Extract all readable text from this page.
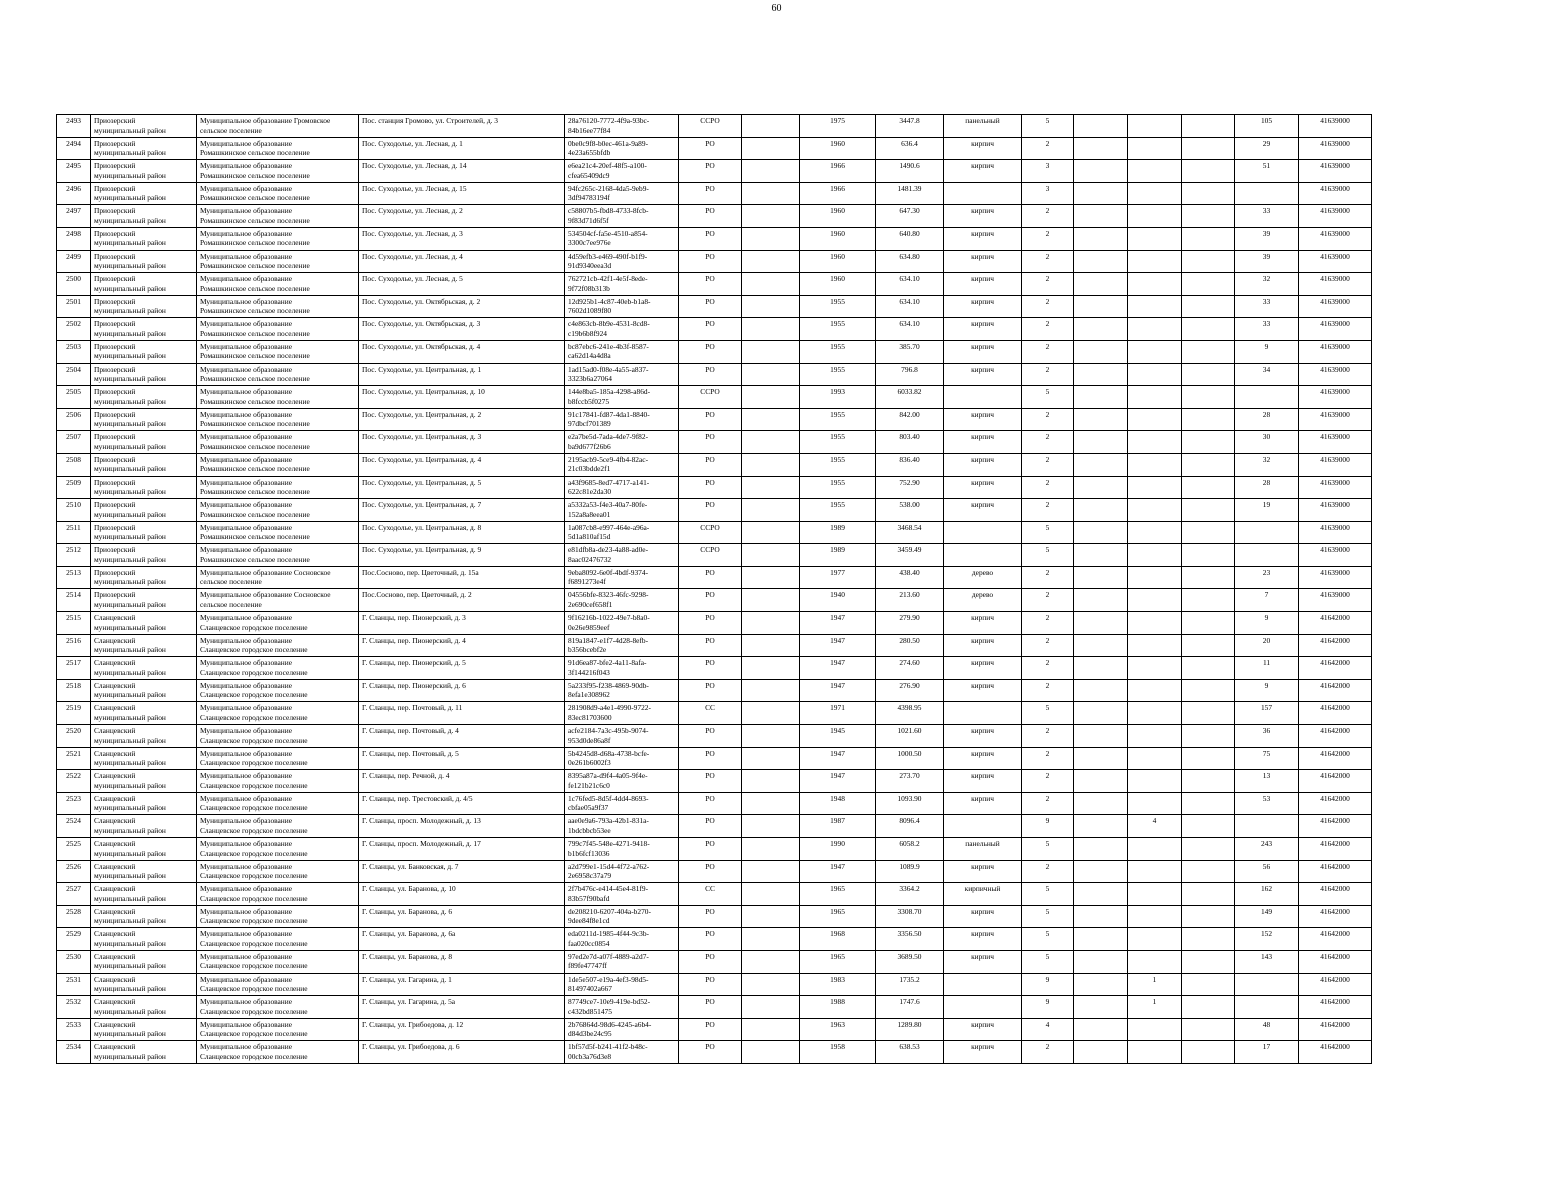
60
2493	Приозерский
муниципальный район	Муниципальное образование Громовское
сельское поселение	Пос. станция Громово, ул. Строителей, д. 3	28a76120-7772-4f9a-93bc-
84b16ee77f84	ССРО		1975	3447.8	панельный	5				105	41639000
2494	Приозерский
муниципальный район	Муниципальное образование
Ромашкинское сельское поселение	Пос. Суходолье, ул. Лесная, д. 1	0be0c9f8-b0ec-461a-9a89-
4e23a655bfdb	РО		1960	636.4	кирпич	2				29	41639000
2495	Приозерский
муниципальный район	Муниципальное образование
Ромашкинское сельское поселение	Пос. Суходолье, ул. Лесная, д. 14	e6ea21c4-20ef-48f5-a100-
cfea65409dc9	РО		1966	1490.6	кирпич	3				51	41639000
2496	Приозерский
муниципальный район	Муниципальное образование
Ромашкинское сельское поселение	Пос. Суходолье, ул. Лесная, д. 15	94fc265c-2168-4da5-9eb9-
3df94783194f	РО		1966	1481.39		3					41639000
2497	Приозерский
муниципальный район	Муниципальное образование
Ромашкинское сельское поселение	Пос. Суходолье, ул. Лесная, д. 2	c58807b5-fbd8-4733-8fcb-
9f83d71d6f5f	РО		1960	647.30	кирпич	2				33	41639000
2498	Приозерский
муниципальный район	Муниципальное образование
Ромашкинское сельское поселение	Пос. Суходолье, ул. Лесная, д. 3	534504cf-fa5e-4510-a854-
3300c7ee976e	РО		1960	640.80	кирпич	2				39	41639000
2499	Приозерский
муниципальный район	Муниципальное образование
Ромашкинское сельское поселение	Пос. Суходолье, ул. Лесная, д. 4	4d59efb3-e469-490f-b1f9-
91d9340eea3d	РО		1960	634.80	кирпич	2				39	41639000
2500	Приозерский
муниципальный район	Муниципальное образование
Ромашкинское сельское поселение	Пос. Суходолье, ул. Лесная, д. 5	762721cb-42f1-4e5f-8ede-
9f72f08b313b	РО		1960	634.10	кирпич	2				32	41639000
2501	Приозерский
муниципальный район	Муниципальное образование
Ромашкинское сельское поселение	Пос. Суходолье, ул. Октябрьская, д. 2	12d925b1-4c87-40eb-b1a8-
7602d1089f80	РО		1955	634.10	кирпич	2				33	41639000
2502	Приозерский
муниципальный район	Муниципальное образование
Ромашкинское сельское поселение	Пос. Суходолье, ул. Октябрьская, д. 3	c4e863cb-8b9e-4531-8cd8-
c19b6b8f924	РО		1955	634.10	кирпич	2				33	41639000
2503	Приозерский
муниципальный район	Муниципальное образование
Ромашкинское сельское поселение	Пос. Суходолье, ул. Октябрьская, д. 4	bc87ebc6-241e-4b3f-8587-
ca62d14a4d8a	РО		1955	385.70	кирпич	2				9	41639000
2504	Приозерский
муниципальный район	Муниципальное образование
Ромашкинское сельское поселение	Пос. Суходолье, ул. Центральная, д. 1	1ad15ad0-f08e-4a55-a837-
3323b6a27064	РО		1955	796.8	кирпич	2				34	41639000
2505	Приозерский
муниципальный район	Муниципальное образование
Ромашкинское сельское поселение	Пос. Суходолье, ул. Центральная, д. 10	144e8ba5-185a-4298-a86d-
b8fccb5f0275	ССРО		1993	6033.82		5					41639000
2506	Приозерский
муниципальный район	Муниципальное образование
Ромашкинское сельское поселение	Пос. Суходолье, ул. Центральная, д. 2	91c17841-fd87-4da1-8840-
97dbcf701389	РО		1955	842.00	кирпич	2				28	41639000
2507	Приозерский
муниципальный район	Муниципальное образование
Ромашкинское сельское поселение	Пос. Суходолье, ул. Центральная, д. 3	e2a7be5d-7ada-4de7-9f82-
ba9d677f26b6	РО		1955	803.40	кирпич	2				30	41639000
2508	Приозерский
муниципальный район	Муниципальное образование
Ромашкинское сельское поселение	Пос. Суходолье, ул. Центральная, д. 4	2195acb9-5ce9-4fb4-82ac-
21c03bdde2f1	РО		1955	836.40	кирпич	2				32	41639000
2509	Приозерский
муниципальный район	Муниципальное образование
Ромашкинское сельское поселение	Пос. Суходолье, ул. Центральная, д. 5	a43f9685-8ed7-4717-a141-
622c81e2da30	РО		1955	752.90	кирпич	2				28	41639000
2510	Приозерский
муниципальный район	Муниципальное образование
Ромашкинское сельское поселение	Пос. Суходолье, ул. Центральная, д. 7	a5332a53-f4e3-40a7-80fe-
152a8a8eea01	РО		1955	538.00	кирпич	2				19	41639000
2511	Приозерский
муниципальный район	Муниципальное образование
Ромашкинское сельское поселение	Пос. Суходолье, ул. Центральная, д. 8	1a087cb8-e997-464e-a96a-
5d1a810af15d	ССРО		1989	3468.54		5					41639000
2512	Приозерский
муниципальный район	Муниципальное образование
Ромашкинское сельское поселение	Пос. Суходолье, ул. Центральная, д. 9	e81dfb8a-de23-4a88-ad0e-
8aac02476732	ССРО		1989	3459.49		5					41639000
2513	Приозерский
муниципальный район	Муниципальное образование Сосновское
сельское поселение	Пос.Сосново, пер. Цветочный, д. 15а	9eba8092-6e0f-4bdf-9374-
f6891273e4f	РО		1977	438.40	дерево	2				23	41639000
2514	Приозерский
муниципальный район	Муниципальное образование Сосновское
сельское поселение	Пос.Сосново, пер. Цветочный, д. 2	04556bfe-8323-46fc-9298-
2e690cef658f1	РО		1940	213.60	дерево	2				7	41639000
2515	Сланцевский
муниципальный район	Муниципальное образование
Сланцевское городское поселение	Г. Сланцы, пер. Пионерский, д. 3	9f16216b-1022-49e7-b8a0-
0e26e9859eef	РО		1947	279.90	кирпич	2				9	41642000
2516	Сланцевский
муниципальный район	Муниципальное образование
Сланцевское городское поселение	Г. Сланцы, пер. Пионерский, д. 4	819a1847-e1f7-4d28-8efb-
b356bcebf2e	РО		1947	280.50	кирпич	2				20	41642000
2517	Сланцевский
муниципальный район	Муниципальное образование
Сланцевское городское поселение	Г. Сланцы, пер. Пионерский, д. 5	91d6ea87-bfe2-4a11-8afa-
3f144216f043	РО		1947	274.60	кирпич	2				11	41642000
2518	Сланцевский
муниципальный район	Муниципальное образование
Сланцевское городское поселение	Г. Сланцы, пер. Пионерский, д. 6	5a233f95-f238-4869-90db-
8efa1e308962	РО		1947	276.90	кирпич	2				9	41642000
2519	Сланцевский
муниципальный район	Муниципальное образование
Сланцевское городское поселение	Г. Сланцы, пер. Почтовый, д. 11	281908d9-a4e1-4990-9722-
83ec81703600	СС		1971	4398.95		5				157	41642000
2520	Сланцевский
муниципальный район	Муниципальное образование
Сланцевское городское поселение	Г. Сланцы, пер. Почтовый, д. 4	acfe2184-7a3c-495b-9074-
953d0de86a8f	РО		1945	1021.60	кирпич	2				36	41642000
2521	Сланцевский
муниципальный район	Муниципальное образование
Сланцевское городское поселение	Г. Сланцы, пер. Почтовый, д. 5	5b4245d8-d68a-4738-bcfe-
0e261b6002f3	РО		1947	1000.50	кирпич	2				75	41642000
2522	Сланцевский
муниципальный район	Муниципальное образование
Сланцевское городское поселение	Г. Сланцы, пер. Речной, д. 4	8395a87a-d9f4-4a05-9f4e-
fe121b21c6c0	РО		1947	273.70	кирпич	2				13	41642000
2523	Сланцевский
муниципальный район	Муниципальное образование
Сланцевское городское поселение	Г. Сланцы, пер. Трестовский, д. 4/5	1c76fed5-8d5f-4dd4-8693-
cbfae05a9f37	РО		1948	1093.90	кирпич	2				53	41642000
2524	Сланцевский
муниципальный район	Муниципальное образование
Сланцевское городское поселение	Г. Сланцы, просп. Молодежный, д. 13	aae0e9a6-793a-42b1-831a-
1bdcbbcb53ee	РО		1987	8096.4		9		4			41642000
2525	Сланцевский
муниципальный район	Муниципальное образование
Сланцевское городское поселение	Г. Сланцы, просп. Молодежный, д. 17	799c7f45-548e-4271-9418-
b1b6fcf13036	РО		1990	6058.2	панельный	5				243	41642000
2526	Сланцевский
муниципальный район	Муниципальное образование
Сланцевское городское поселение	Г. Сланцы, ул. Банковская, д. 7	a2d799e1-15d4-4f72-a762-
2e6958c37a79	РО		1947	1089.9	кирпич	2				56	41642000
2527	Сланцевский
муниципальный район	Муниципальное образование
Сланцевское городское поселение	Г. Сланцы, ул. Баранова, д. 10	2f7b476c-e414-45e4-81f9-
83b57f90bafd	СС		1965	3364.2	кирпичный	5				162	41642000
2528	Сланцевский
муниципальный район	Муниципальное образование
Сланцевское городское поселение	Г. Сланцы, ул. Баранова, д. 6	de208210-6207-404a-b270-
9dee84f8e1cd	РО		1965	3308.70	кирпич	5				149	41642000
2529	Сланцевский
муниципальный район	Муниципальное образование
Сланцевское городское поселение	Г. Сланцы, ул. Баранова, д. 6а	eda0211d-1985-4f44-9c3b-
faa020cc0854	РО		1968	3356.50	кирпич	5				152	41642000
2530	Сланцевский
муниципальный район	Муниципальное образование
Сланцевское городское поселение	Г. Сланцы, ул. Баранова, д. 8	97ed2e7d-a07f-4889-a2d7-
f89fe47747ff	РО		1965	3689.50	кирпич	5				143	41642000
2531	Сланцевский
муниципальный район	Муниципальное образование
Сланцевское городское поселение	Г. Сланцы, ул. Гагарина, д. 1	1de5e507-e19a-4ef3-98d5-
81497402a667	РО		1983	1735.2		9		1			41642000
2532	Сланцевский
муниципальный район	Муниципальное образование
Сланцевское городское поселение	Г. Сланцы, ул. Гагарина, д. 5а	87749ce7-10e9-419e-bd52-
c432bd851475	РО		1988	1747.6		9		1			41642000
2533	Сланцевский
муниципальный район	Муниципальное образование
Сланцевское городское поселение	Г. Сланцы, ул. Грибоедова, д. 12	2b76864d-98d6-4245-a6b4-
d84d3be24c95	РО		1963	1289.80	кирпич	4				48	41642000
2534	Сланцевский
муниципальный район	Муниципальное образование
Сланцевское городское поселение	Г. Сланцы, ул. Грибоедова, д. 6	1bf57d5f-b241-41f2-b48c-
00cb3a76d3e8	РО		1958	638.53	кирпич	2				17	41642000
